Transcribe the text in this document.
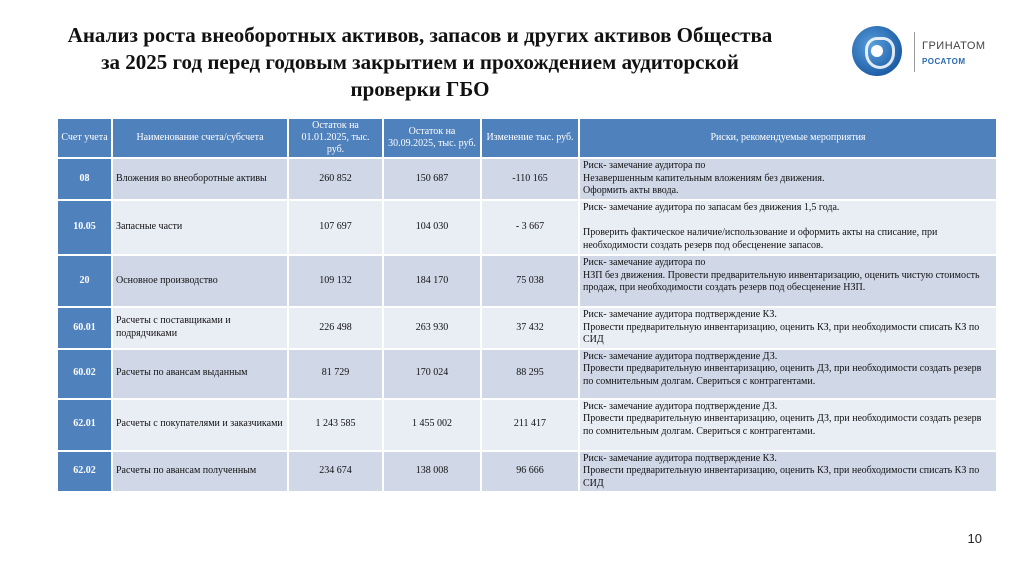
Анализ роста внеоборотных активов, запасов и других активов Общества за 2025 год перед годовым закрытием и прохождением аудиторской проверки ГБО
ГРИНАТОМ
РОСАТОМ
Счет учета	Наименование счета/субсчета	Остаток на 01.01.2025, тыс. руб.	Остаток на 30.09.2025, тыс. руб.	Изменение тыс. руб.	Риски, рекомендуемые мероприятия
08	Вложения во внеоборотные активы	260 852	150 687	-110 165	Риск- замечание аудитора по
Незавершенным капительным вложениям без движения.
Оформить акты ввода.
10.05	Запасные части	107 697	104 030	- 3 667	Риск- замечание аудитора по запасам без движения 1,5 года.

Проверить фактическое наличие/использование и оформить акты на списание, при необходимости создать резерв под обесценение запасов.
20	Основное производство	109 132	184 170	75 038	Риск- замечание аудитора по
НЗП без движения. Провести предварительную инвентаризацию, оценить чистую стоимость продаж, при необходимости создать резерв под обесценение НЗП.
60.01	Расчеты с поставщиками и подрядчиками	226 498	263 930	37 432	Риск- замечание аудитора подтверждение КЗ.
Провести предварительную инвентаризацию, оценить КЗ, при необходимости списать КЗ по СИД
60.02	Расчеты по авансам выданным	81 729	170 024	88 295	Риск- замечание аудитора подтверждение ДЗ.
Провести предварительную инвентаризацию, оценить ДЗ, при необходимости создать резерв по сомнительным долгам. Свериться с контрагентами.
62.01	Расчеты с покупателями и заказчиками	1 243 585	1 455 002	211 417	Риск- замечание аудитора подтверждение ДЗ.
Провести предварительную инвентаризацию, оценить ДЗ, при необходимости создать резерв по сомнительным долгам. Свериться с контрагентами.
62.02	Расчеты по авансам полученным	234 674	138 008	96 666	Риск- замечание аудитора подтверждение КЗ.
Провести предварительную инвентаризацию, оценить КЗ, при необходимости списать КЗ по СИД
10
